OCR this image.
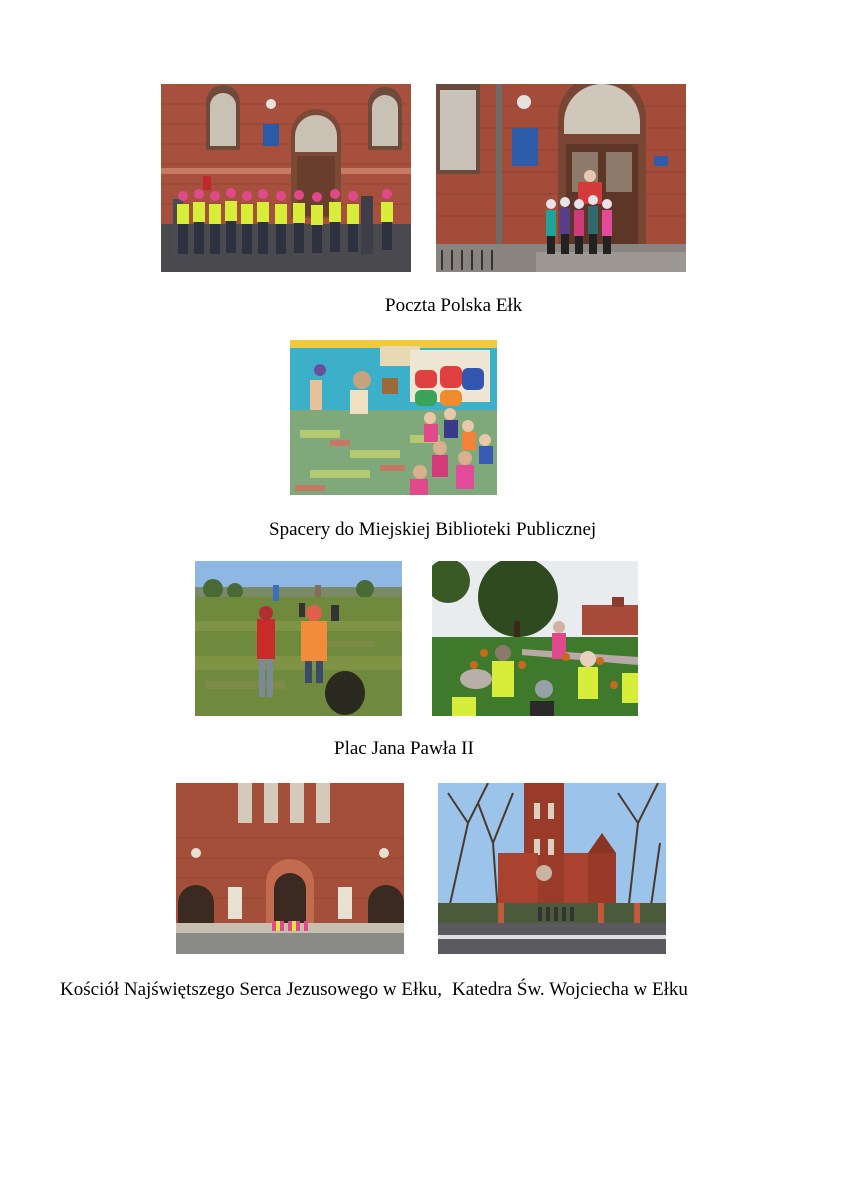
Poczta Polska Ełk
Spacery do Miejskiej Biblioteki Publicznej
Plac Jana Pawła II
Kościół Najświętszego Serca Jezusowego w Ełku, Katedra Św. Wojciecha w Ełku
